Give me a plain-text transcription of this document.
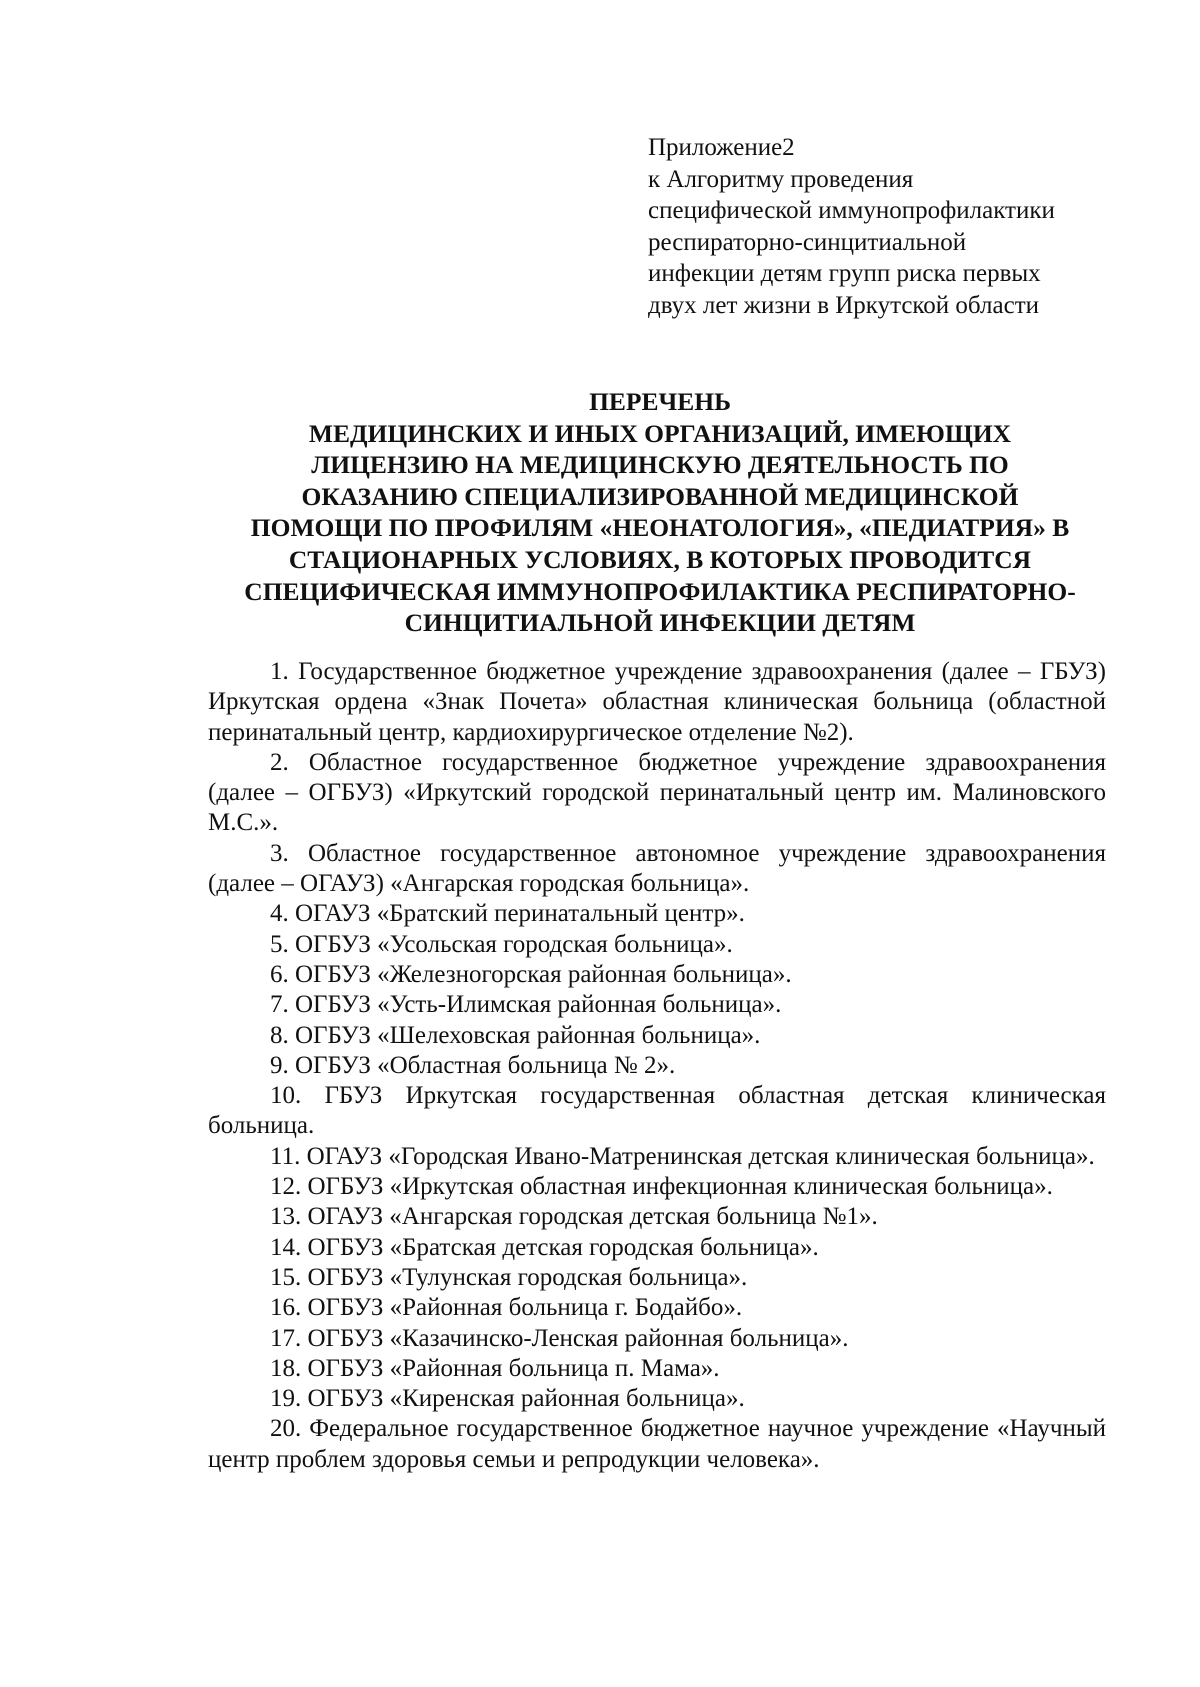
Приложение2
к Алгоритму проведения
специфической иммунопрофилактики
респираторно-синцитиальной
инфекции детям групп риска первых
двух лет жизни в Иркутской области
ПЕРЕЧЕНЬ
МЕДИЦИНСКИХ И ИНЫХ ОРГАНИЗАЦИЙ, ИМЕЮЩИХ
ЛИЦЕНЗИЮ НА МЕДИЦИНСКУЮ ДЕЯТЕЛЬНОСТЬ ПО
ОКАЗАНИЮ СПЕЦИАЛИЗИРОВАННОЙ МЕДИЦИНСКОЙ
ПОМОЩИ ПО ПРОФИЛЯМ «НЕОНАТОЛОГИЯ», «ПЕДИАТРИЯ» В
СТАЦИОНАРНЫХ УСЛОВИЯХ, В КОТОРЫХ ПРОВОДИТСЯ
СПЕЦИФИЧЕСКАЯ ИММУНОПРОФИЛАКТИКА РЕСПИРАТОРНО-
СИНЦИТИАЛЬНОЙ ИНФЕКЦИИ ДЕТЯМ

1. Государственное бюджетное учреждение здравоохранения (далее – ГБУЗ) Иркутская ордена «Знак Почета» областная клиническая больница (областной перинатальный центр, кардиохирургическое отделение №2).

2. Областное государственное бюджетное учреждение здравоохранения (далее – ОГБУЗ) «Иркутский городской перинатальный центр им. Малиновского М.С.».

3. Областное государственное автономное учреждение здравоохранения (далее – ОГАУЗ) «Ангарская городская больница».

4. ОГАУЗ «Братский перинатальный центр».

5. ОГБУЗ «Усольская городская больница».

6. ОГБУЗ «Железногорская районная больница».

7. ОГБУЗ «Усть-Илимская районная больница».

8. ОГБУЗ «Шелеховская районная больница».

9. ОГБУЗ «Областная больница № 2».

10. ГБУЗ Иркутская государственная областная детская клиническая больница.

11. ОГАУЗ «Городская Ивано-Матренинская детская клиническая больница».

12. ОГБУЗ «Иркутская областная инфекционная клиническая больница».

13. ОГАУЗ «Ангарская городская детская больница №1».

14. ОГБУЗ «Братская детская городская больница».

15. ОГБУЗ «Тулунская городская больница».

16. ОГБУЗ «Районная больница г. Бодайбо».

17. ОГБУЗ «Казачинско-Ленская районная больница».

18. ОГБУЗ «Районная больница п. Мама».

19. ОГБУЗ «Киренская районная больница».

20. Федеральное государственное бюджетное научное учреждение «Научный центр проблем здоровья семьи и репродукции человека».
